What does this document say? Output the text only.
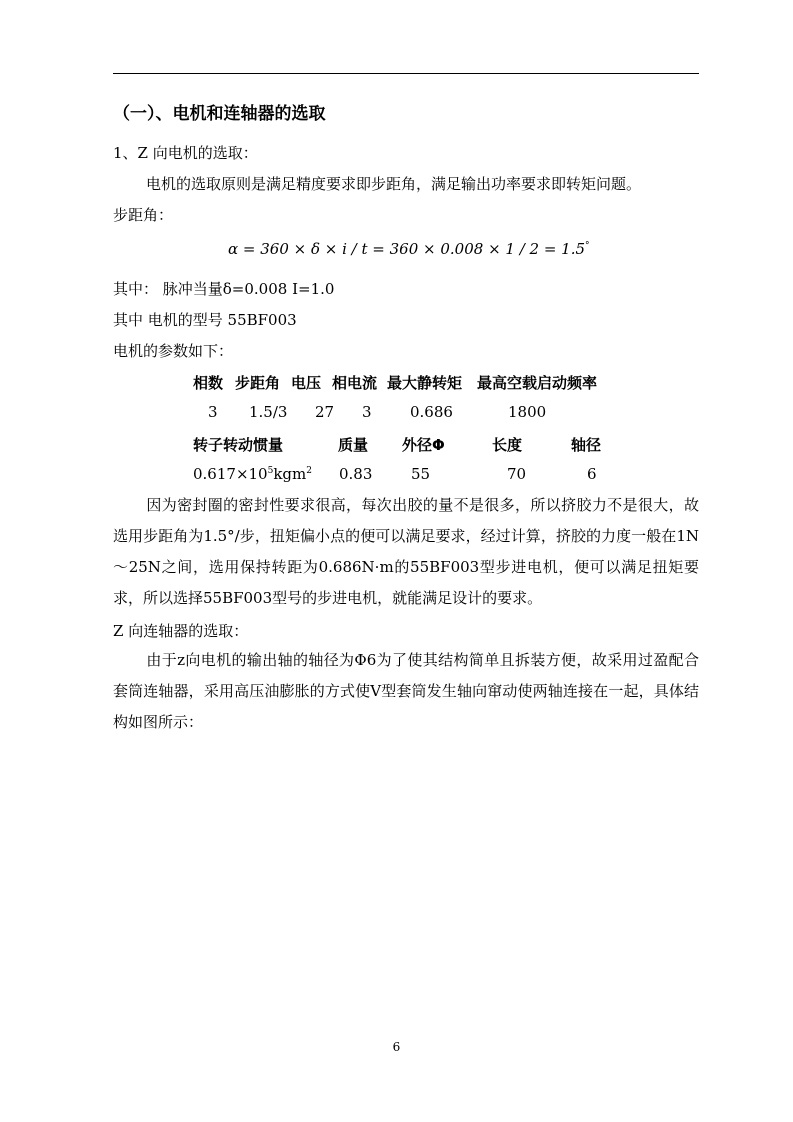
（一）、电机和连轴器的选取
1、Z 向电机的选取：
电机的选取原则是满足精度要求即步距角，满足输出功率要求即转矩问题。
步距角：
α = 360 × δ × i / t = 360 × 0.008 × 1 / 2 = 1.5°
其中： 脉冲当量δ=0.008 I=1.0
其中 电机的型号 55BF003
电机的参数如下：
相数 步距角 电压 相电流 最大静转矩 最高空载启动频率
3 1.5/3 27 3	0.686	1800
转子转动惯量	质量 外径Φ	长度	轴径
$0.617\times 10^5kgm^2$ 0.83	55	70	6
因为密封圈的密封性要求很高，每次出胶的量不是很多，所以挤胶力不是很大，故选用步距角为1.5°/步，扭矩偏小点的便可以满足要求，经过计算，挤胶的力度一般在1N～25N之间，选用保持转距为0.686N·m的55BF003型步进电机，便可以满足扭矩要求，所以选择55BF003型号的步进电机，就能满足设计的要求。
Z 向连轴器的选取：
由于z向电机的输出轴的轴径为Φ6为了使其结构简单且拆装方便，故采用过盈配合套筒连轴器，采用高压油膨胀的方式使V型套筒发生轴向窜动使两轴连接在一起，具体结构如图所示：
6
